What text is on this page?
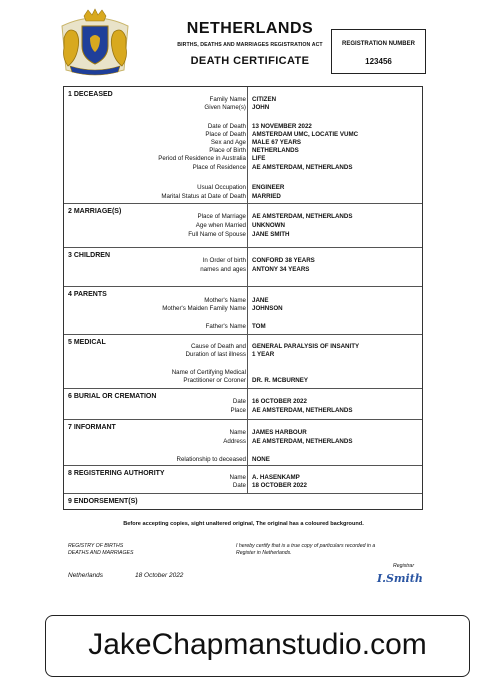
NETHERLANDS
BIRTHS, DEATHS AND MARRIAGES REGISTRATION ACT
DEATH CERTIFICATE
REGISTRATION NUMBER
123456
1 DECEASED
Family Name CITIZEN
Given Name(s) JOHN
Date of Death 13 NOVEMBER 2022
Place of Death AMSTERDAM UMC, LOCATIE VUMC
Sex and Age MALE 67 YEARS
Place of Birth NETHERLANDS
Period of Residence in Australia LIFE
Place of Residence AE AMSTERDAM, NETHERLANDS
Usual Occupation ENGINEER
Marital Status at Date of Death MARRIED
2 MARRIAGE(S)
Place of Marriage AE AMSTERDAM, NETHERLANDS
Age when Married UNKNOWN
Full Name of Spouse JANE SMITH
3 CHILDREN
In Order of birth CONFORD 38 YEARS
names and ages ANTONY 34 YEARS
4 PARENTS
Mother's Name JANE
Mother's Maiden Family Name JOHNSON
Father's Name TOM
5 MEDICAL
Cause of Death and GENERAL PARALYSIS OF INSANITY
Duration of last illness 1 YEAR
Name of Certifying Medical
Practitioner or Coroner DR. R. MCBURNEY
6 BURIAL OR CREMATION
Date 16 OCTOBER 2022
Place AE AMSTERDAM, NETHERLANDS
7 INFORMANT
Name JAMES HARBOUR
Address AE AMSTERDAM, NETHERLANDS
Relationship to deceased NONE
8 REGISTERING AUTHORITY
Name A. HASENKAMP
Date 18 OCTOBER 2022
9 ENDORSEMENT(S)
Before accepting copies, sight unaltered original, The original has a coloured background.
REGISTRY OF BIRTHS
DEATHS AND MARRIAGES
I hereby certify that is a true copy of particulars recorded in a
Register in Netherlands.
Registrar
I.Smith
Netherlands	18 October 2022
JakeChapmanstudio.com
